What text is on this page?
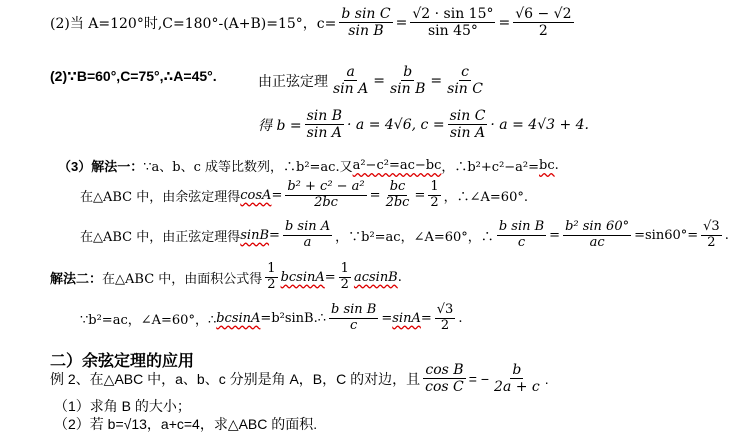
(2)当 A=120°时,C=180°-(A+B)=15°，$c= \frac{\text{b sin C}}{\text{sin B}} = \frac{√2 \cdot \sin 15^\circ}{\sin 45^\circ} = \frac{√6 - √2}{2}$
(2)∵B=60°,C=75°,∴A=45°.	由正弦定理 $\frac{a}{\text{sin A}} = \frac{b}{\text{sin B}} = \frac{c}{\text{sin C}}$
得 $b = \frac{\text{sin B}}{\text{sin A}} \cdot a = 4√6$, $c = \frac{\text{sin C}}{\text{sin A}} \cdot a = 4√3 + 4$.
（3）解法一： ∵a、b、c 成等比数列，∴b²=ac.又 a²−c²=ac−bc ，∴b²+c²−a²= bc .
在△ABC 中，由余弦定理得 $\cos A = \frac{\text{b² + c² − a²}}{2bc} = \frac{bc}{2bc} = \frac{1}{2}$ ，∴∠A=60°.
在△ABC 中，由正弦定理得 $\sin B = \frac{\text{b sin A}}{a}$ ，∵b²=ac，∠A=60°，∴ $\frac{\text{b sin B}}{c} = \frac{\text{b² sin 60°}}{ac} =\sin 60^\circ= \frac{√3}{2}$ .
解法二： 在△ABC 中，由面积公式得 $\frac{1}{2}$ $bcsinA = \frac{1}{2}$ acsinB .
∵b²=ac，∠A=60°，∴ bcsinA =b²sinB.∴ $\frac{\text{b sin B}}{c} = \sin A = \frac{√3}{2}$ .
二）余弦定理的应用
例 2、在△ABC 中，a、b、c 分别是角 A，B，C 的对边，且 $\frac{\text{cos B}}{\text{cos C}}$ = − $\frac{b}{2a + c}$ .
（1）求角 B 的大小；
（2）若 b= √13 ，a+c=4，求△ABC 的面积.
